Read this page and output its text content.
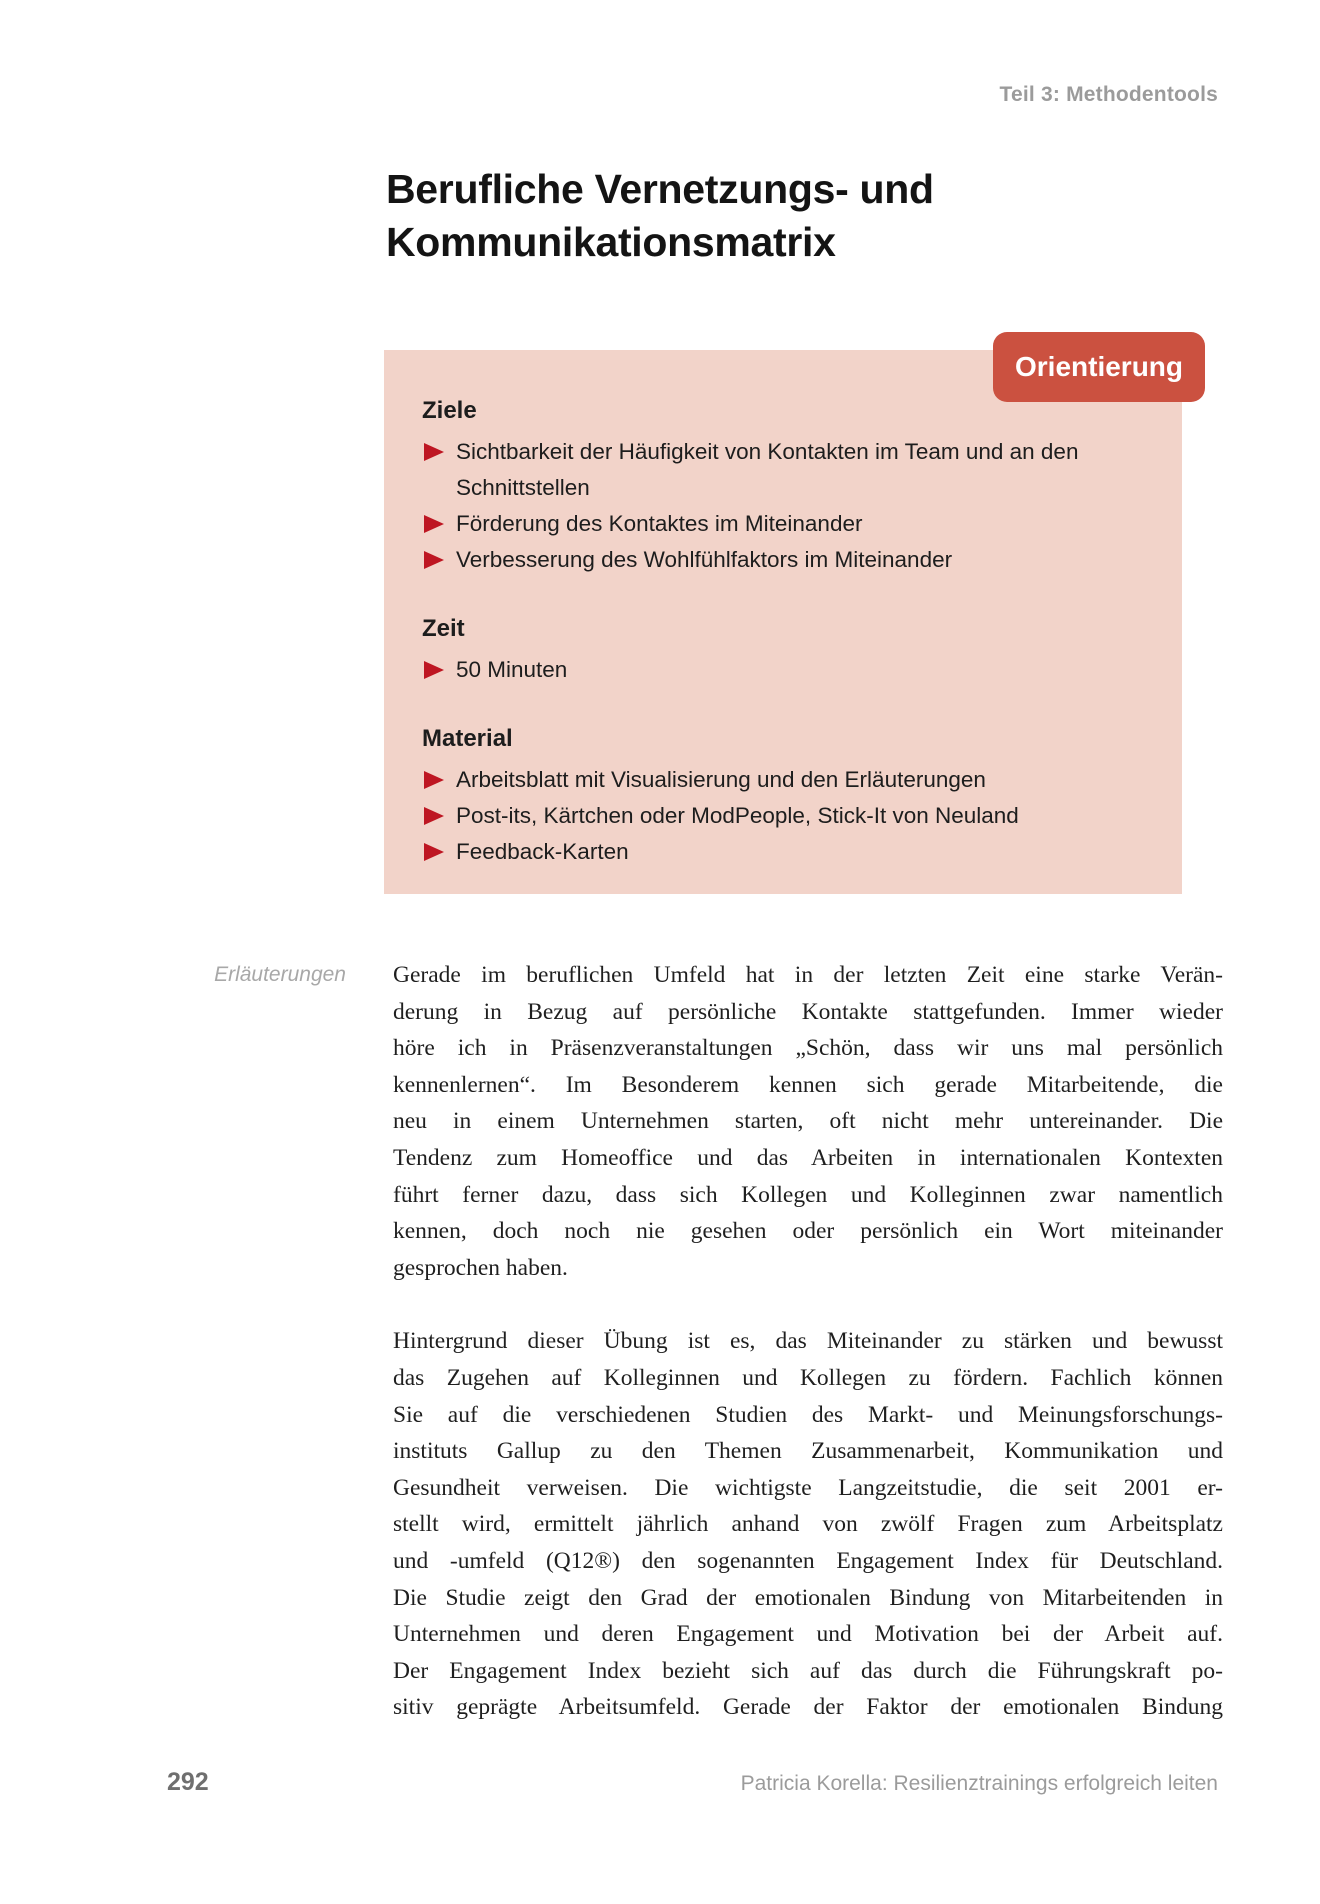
Teil 3: Methodentools
Berufliche Vernetzungs- und
Kommunikationsmatrix
Orientierung
Ziele
Sichtbarkeit der Häufigkeit von Kontakten im Team und an den Schnittstellen
Förderung des Kontaktes im Miteinander
Verbesserung des Wohlfühlfaktors im Miteinander
Zeit
50 Minuten
Material
Arbeitsblatt mit Visualisierung und den Erläuterungen
Post-its, Kärtchen oder ModPeople, Stick-It von Neuland
Feedback-Karten
Erläuterungen Gerade im beruflichen Umfeld hat in der letzten Zeit eine starke Verän-
derung in Bezug auf persönliche Kontakte stattgefunden. Immer wieder
höre ich in Präsenzveranstaltungen „Schön, dass wir uns mal persönlich
kennenlernen“. Im Besonderem kennen sich gerade Mitarbeitende, die
neu in einem Unternehmen starten, oft nicht mehr untereinander. Die
Tendenz zum Homeoffice und das Arbeiten in internationalen Kontexten
führt ferner dazu, dass sich Kollegen und Kolleginnen zwar namentlich
kennen, doch noch nie gesehen oder persönlich ein Wort miteinander
gesprochen haben.
Hintergrund dieser Übung ist es, das Miteinander zu stärken und bewusst
das Zugehen auf Kolleginnen und Kollegen zu fördern. Fachlich können
Sie auf die verschiedenen Studien des Markt- und Meinungsforschungs-
instituts Gallup zu den Themen Zusammenarbeit, Kommunikation und
Gesundheit verweisen. Die wichtigste Langzeitstudie, die seit 2001 er-
stellt wird, ermittelt jährlich anhand von zwölf Fragen zum Arbeitsplatz
und -umfeld (Q12®) den sogenannten Engagement Index für Deutschland.
Die Studie zeigt den Grad der emotionalen Bindung von Mitarbeitenden in
Unternehmen und deren Engagement und Motivation bei der Arbeit auf.
Der Engagement Index bezieht sich auf das durch die Führungskraft po-
sitiv geprägte Arbeitsumfeld. Gerade der Faktor der emotionalen Bindung
292	Patricia Korella: Resilienztrainings erfolgreich leiten
